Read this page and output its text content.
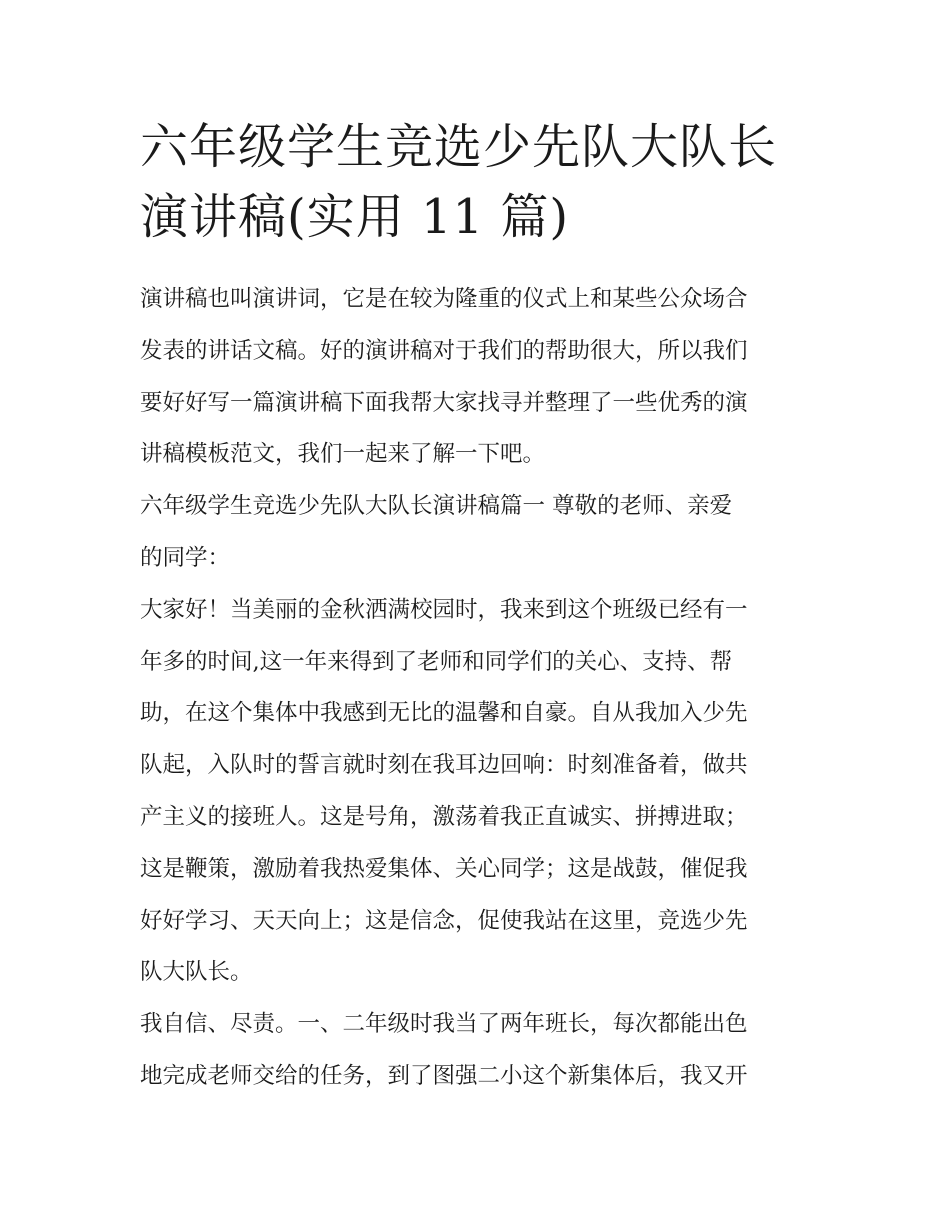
六年级学生竞选少先队大队长
演讲稿(实用 11 篇)

演讲稿也叫演讲词，它是在较为隆重的仪式上和某些公众场合
发表的讲话文稿。好的演讲稿对于我们的帮助很大，所以我们
要好好写一篇演讲稿下面我帮大家找寻并整理了一些优秀的演
讲稿模板范文，我们一起来了解一下吧。

六年级学生竞选少先队大队长演讲稿篇一 尊敬的老师、亲爱
的同学：

大家好！当美丽的金秋洒满校园时，我来到这个班级已经有一
年多的时间,这一年来得到了老师和同学们的关心、支持、帮
助，在这个集体中我感到无比的温馨和自豪。自从我加入少先
队起，入队时的誓言就时刻在我耳边回响：时刻准备着，做共
产主义的接班人。这是号角，激荡着我正直诚实、拼搏进取；
这是鞭策，激励着我热爱集体、关心同学；这是战鼓，催促我
好好学习、天天向上；这是信念，促使我站在这里，竞选少先
队大队长。

我自信、尽责。一、二年级时我当了两年班长，每次都能出色
地完成老师交给的任务，到了图强二小这个新集体后，我又开
